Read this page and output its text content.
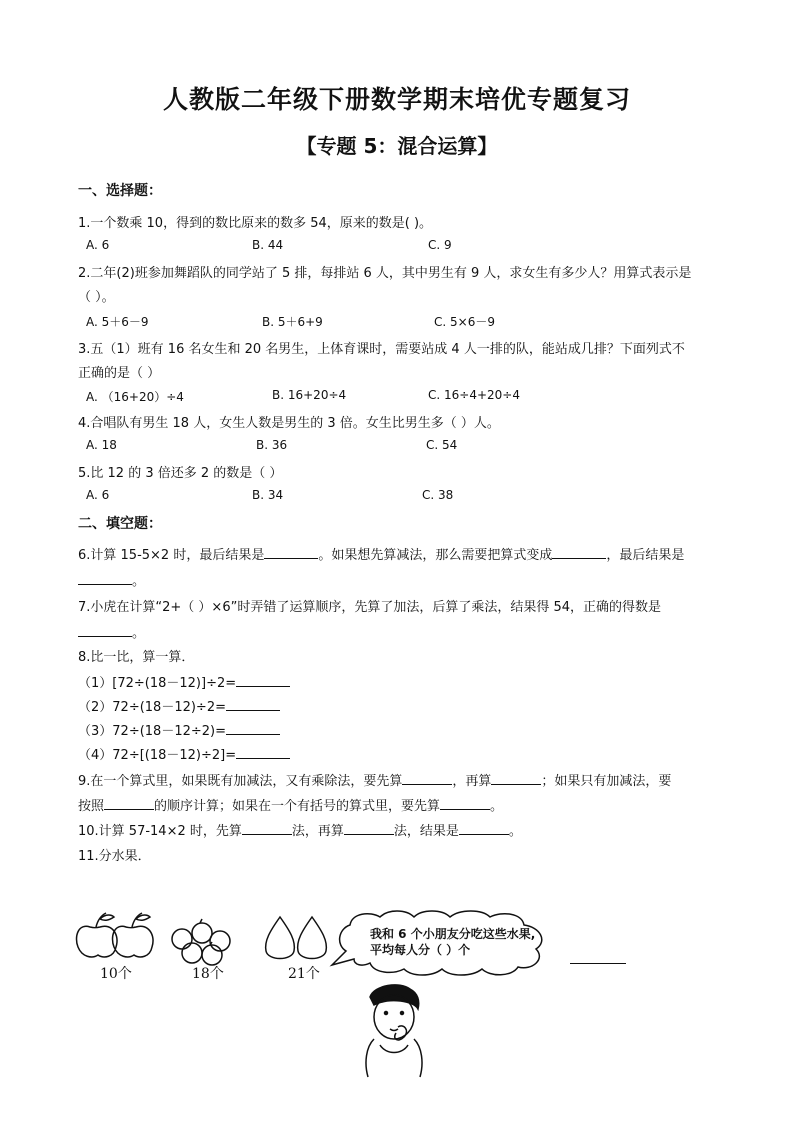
人教版二年级下册数学期末培优专题复习
【专题 5：混合运算】
一、选择题：
1.一个数乘 10，得到的数比原来的数多 54，原来的数是( )。
A. 6	B. 44	C. 9
2.二年(2)班参加舞蹈队的同学站了 5 排，每排站 6 人，其中男生有 9 人，求女生有多少人？用算式表示是
（ ）。
A. 5＋6－9	B. 5＋6+9	C. 5×6－9
3.五（1）班有 16 名女生和 20 名男生，上体育课时，需要站成 4 人一排的队，能站成几排？下面列式不
正确的是（ ）
A. （16+20）÷4	B. 16+20÷4	C. 16÷4+20÷4
4.合唱队有男生 18 人，女生人数是男生的 3 倍。女生比男生多（ ）人。
A. 18	B. 36	C. 54
5.比 12 的 3 倍还多 2 的数是（ ）
A. 6	B. 34	C. 38
二、填空题：
6.计算 15-5×2 时，最后结果是	。如果想先算减法，那么需要把算式变成	，最后结果是
。
7.小虎在计算“2+（ ）×6”时弄错了运算顺序，先算了加法，后算了乘法，结果得 54，正确的得数是
。
8.比一比，算一算．
（1）[72÷(18－12)]÷2=
（2）72÷(18－12)÷2=
（3）72÷(18－12÷2)=
（4）72÷[(18－12)÷2]=
9.在一个算式里，如果既有加减法，又有乘除法，要先算	，再算	；如果只有加减法，要
按照	的顺序计算；如果在一个有括号的算式里，要先算	。
10.计算 57-14×2 时，先算	法，再算	法，结果是	。
11.分水果．
10个	18个	21个
我和 6 个小朋友分吃这些水果,
平均每人分（ ）个
